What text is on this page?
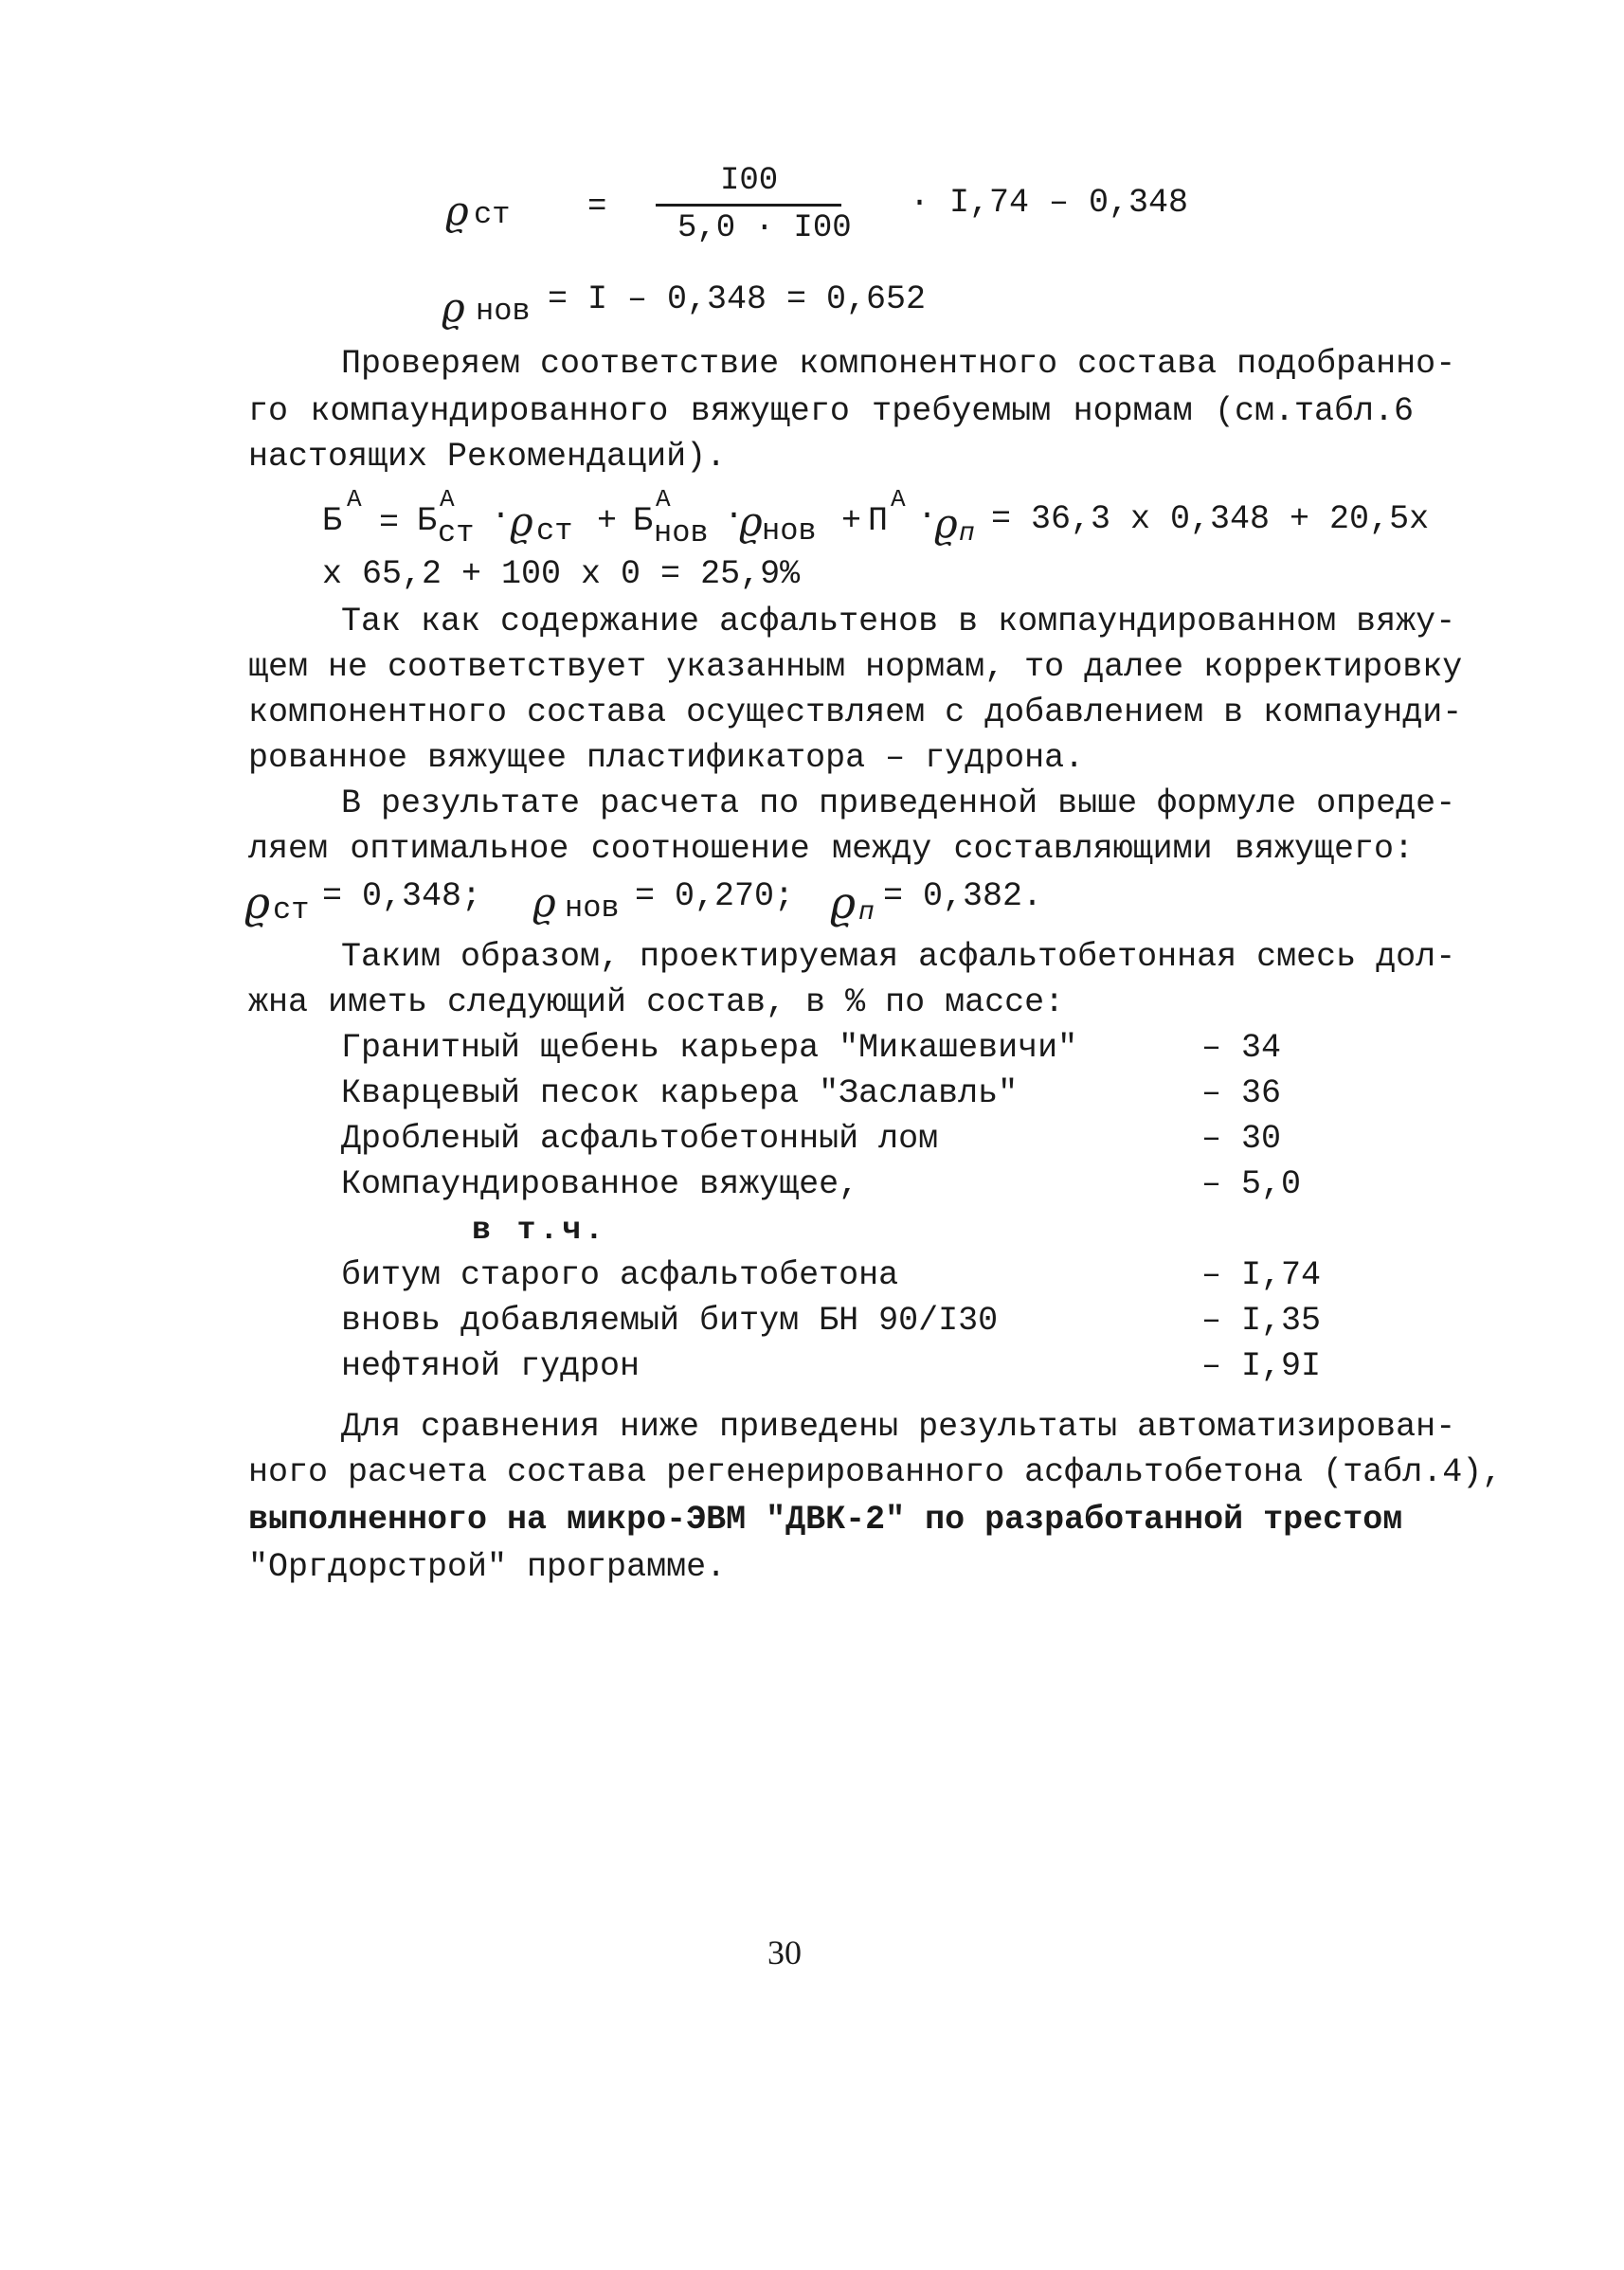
ϱ ст =
I00
5,0 · I00
· I,74 – 0,348
ϱ нов = I – 0,348 = 0,652
Проверяем соответствие компонентного состава подобранно-
го компаундированного вяжущего требуемым нормам (см.табл.6
настоящих Рекомендаций).
Б
А
= Б
А
ст ·
ϱ ст + Б
А
нов ·
ϱ нов + П
А ·
ϱ п = 36,3 x 0,348 + 20,5x
x 65,2 + 100 x 0 = 25,9%
Так как содержание асфальтенов в компаундированном вяжу-
щем не соответствует указанным нормам, то далее корректировку
компонентного состава осуществляем с добавлением в компаунди-
рованное вяжущее пластификатора – гудрона.
В результате расчета по приведенной выше формуле опреде-
ляем оптимальное соотношение между составляющими вяжущего:
ϱ ст = 0,348; ϱ нов = 0,270; ϱ п = 0,382.
Таким образом, проектируемая асфальтобетонная смесь дол-
жна иметь следующий состав, в % по массе:
Гранитный щебень карьера "Микашевичи"	– 34
Кварцевый песок карьера "Заславль"	– 36
Дробленый асфальтобетонный лом	– 30
Компаундированное вяжущее,	– 5,0
в т.ч.
битум старого асфальтобетона	– I,74
вновь добавляемый битум БН 90/I30	– I,35
нефтяной гудрон	– I,9I
Для сравнения ниже приведены результаты автоматизирован-
ного расчета состава регенерированного асфальтобетона (табл.4),
выполненного на микро-ЭВМ "ДВК-2" по разработанной трестом
"Оргдорстрой" программе.
30
